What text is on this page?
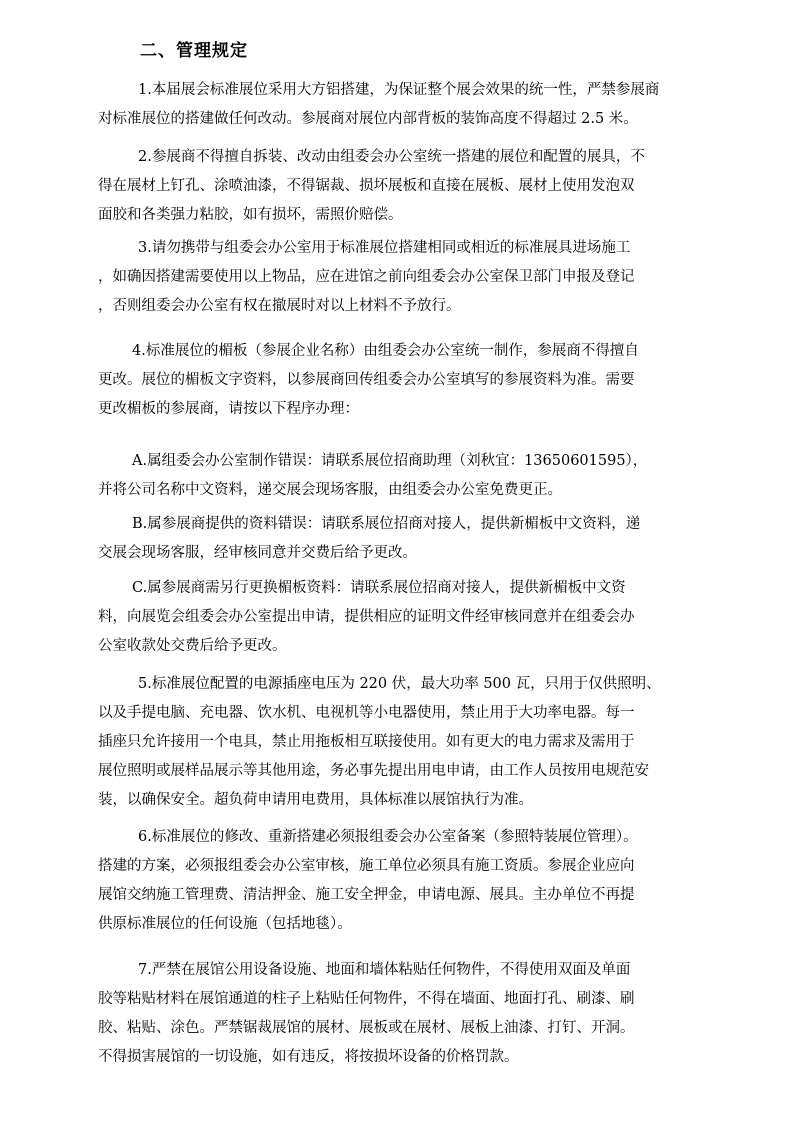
二、管理规定
1.本届展会标准展位采用大方铝搭建，为保证整个展会效果的统一性，严禁参展商
对标准展位的搭建做任何改动。参展商对展位内部背板的装饰高度不得超过 2.5 米。
2.参展商不得擅自拆装、改动由组委会办公室统一搭建的展位和配置的展具，不
得在展材上钉孔、涂喷油漆，不得锯裁、损坏展板和直接在展板、展材上使用发泡双
面胶和各类强力粘胶，如有损坏，需照价赔偿。
3.请勿携带与组委会办公室用于标准展位搭建相同或相近的标准展具进场施工
，如确因搭建需要使用以上物品，应在进馆之前向组委会办公室保卫部门申报及登记
，否则组委会办公室有权在撤展时对以上材料不予放行。
4.标准展位的楣板（参展企业名称）由组委会办公室统一制作，参展商不得擅自
更改。展位的楣板文字资料，以参展商回传组委会办公室填写的参展资料为准。需要
更改楣板的参展商，请按以下程序办理：
A.属组委会办公室制作错误：请联系展位招商助理（刘秋宜：13650601595），
并将公司名称中文资料，递交展会现场客服，由组委会办公室免费更正。
B.属参展商提供的资料错误：请联系展位招商对接人，提供新楣板中文资料，递
交展会现场客服，经审核同意并交费后给予更改。
C.属参展商需另行更换楣板资料：请联系展位招商对接人，提供新楣板中文资
料，向展览会组委会办公室提出申请，提供相应的证明文件经审核同意并在组委会办
公室收款处交费后给予更改。
5.标准展位配置的电源插座电压为 220 伏，最大功率 500 瓦，只用于仅供照明、
以及手提电脑、充电器、饮水机、电视机等小电器使用，禁止用于大功率电器。每一
插座只允许接用一个电具，禁止用拖板相互联接使用。如有更大的电力需求及需用于
展位照明或展样品展示等其他用途，务必事先提出用电申请，由工作人员按用电规范安
装，以确保安全。超负荷申请用电费用，具体标准以展馆执行为准。
6.标准展位的修改、重新搭建必须报组委会办公室备案（参照特装展位管理）。
搭建的方案，必须报组委会办公室审核，施工单位必须具有施工资质。参展企业应向
展馆交纳施工管理费、清洁押金、施工安全押金，申请电源、展具。主办单位不再提
供原标准展位的任何设施（包括地毯）。
7.严禁在展馆公用设备设施、地面和墙体粘贴任何物件，不得使用双面及单面
胶等粘贴材料在展馆通道的柱子上粘贴任何物件，不得在墙面、地面打孔、刷漆、刷
胶、粘贴、涂色。严禁锯裁展馆的展材、展板或在展材、展板上油漆、打钉、开洞。
不得损害展馆的一切设施，如有违反，将按损坏设备的价格罚款。
